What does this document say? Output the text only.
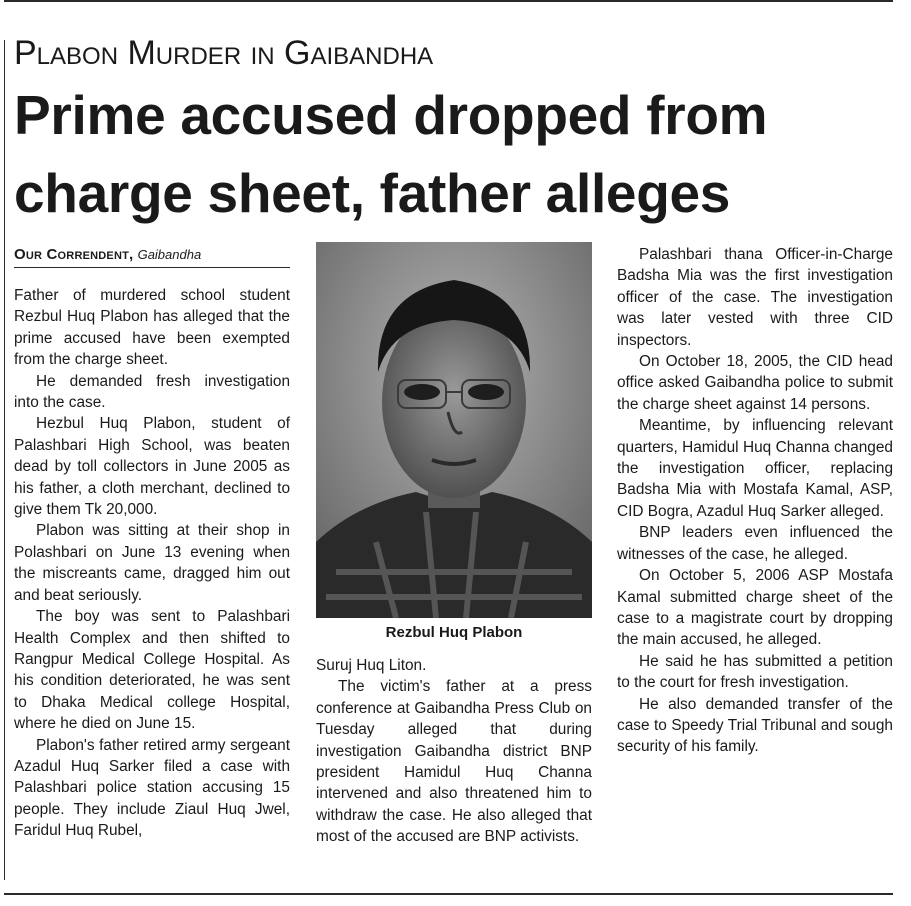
Plabon Murder in Gaibandha
Prime accused dropped from charge sheet, father alleges
Our Correndent, Gaibandha

Father of murdered school student Rezbul Huq Plabon has alleged that the prime accused have been exempted from the charge sheet.

He demanded fresh investigation into the case.

Hezbul Huq Plabon, student of Palashbari High School, was beaten dead by toll collectors in June 2005 as his father, a cloth merchant, declined to give them Tk 20,000.

Plabon was sitting at their shop in Polashbari on June 13 evening when the miscreants came, dragged him out and beat seriously.

The boy was sent to Palashbari Health Complex and then shifted to Rangpur Medical College Hospital. As his condition deteriorated, he was sent to Dhaka Medical college Hospital, where he died on June 15.

Plabon's father retired army sergeant Azadul Huq Sarker filed a case with Palashbari police station accusing 15 people. They include Ziaul Huq Jwel, Faridul Huq Rubel,

Rezbul Huq Plabon

Suruj Huq Liton.

The victim's father at a press conference at Gaibandha Press Club on Tuesday alleged that during investigation Gaibandha district BNP president Hamidul Huq Channa intervened and also threatened him to withdraw the case. He also alleged that most of the accused are BNP activists.

Palashbari thana Officer-in-Charge Badsha Mia was the first investigation officer of the case. The investigation was later vested with three CID inspectors.

On October 18, 2005, the CID head office asked Gaibandha police to submit the charge sheet against 14 persons.

Meantime, by influencing relevant quarters, Hamidul Huq Channa changed the investigation officer, replacing Badsha Mia with Mostafa Kamal, ASP, CID Bogra, Azadul Huq Sarker alleged.

BNP leaders even influenced the witnesses of the case, he alleged.

On October 5, 2006 ASP Mostafa Kamal submitted charge sheet of the case to a magistrate court by dropping the main accused, he alleged.

He said he has submitted a petition to the court for fresh investigation.

He also demanded transfer of the case to Speedy Trial Tribunal and sough security of his family.
